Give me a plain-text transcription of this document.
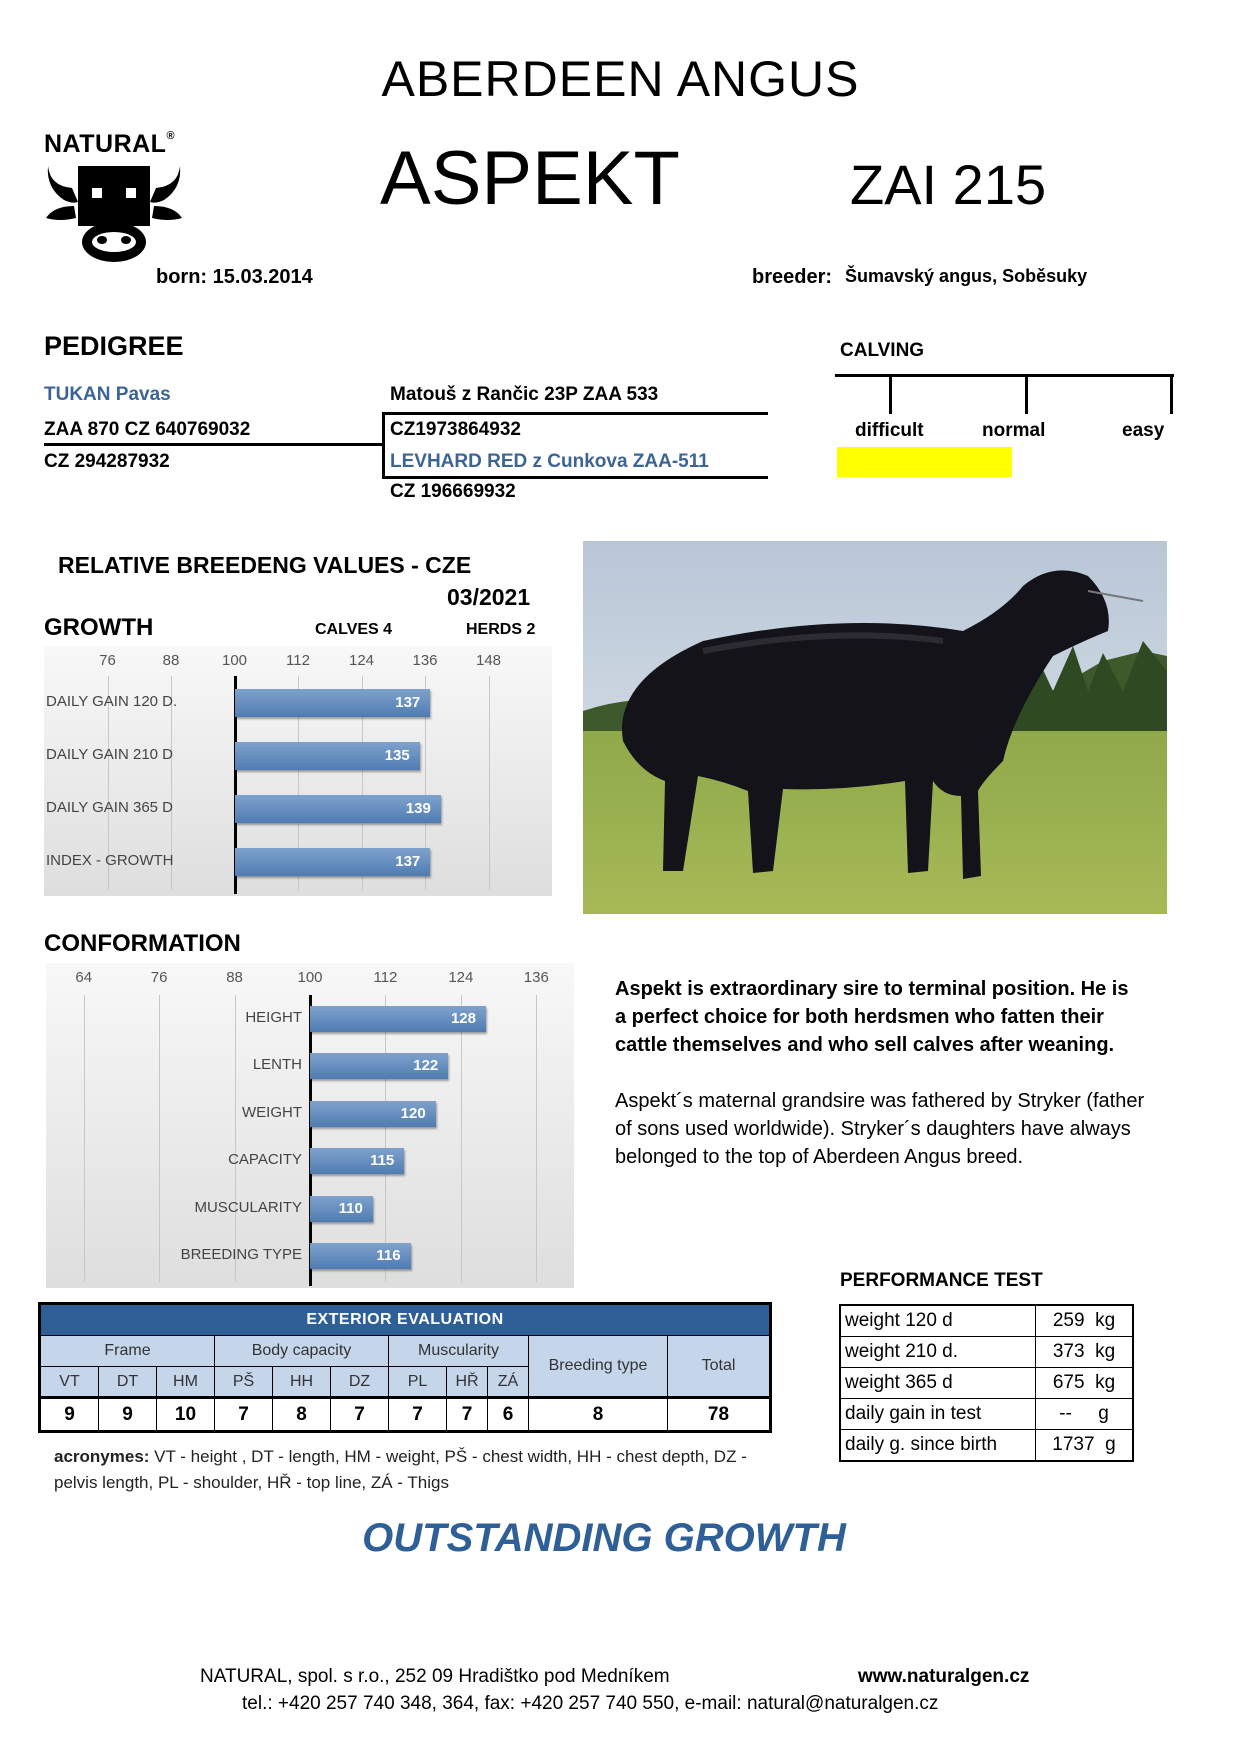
ABERDEEN ANGUS
ASPEKT	ZAI 215
NATURAL®
born: 15.03.2014	breeder: Šumavský angus, Soběsuky
PEDIGREE
TUKAN Pavas
ZAA 870 CZ 640769032
CZ 294287932
Matouš z Rančic 23P ZAA 533
CZ1973864932
LEVHARD RED z Cunkova ZAA-511
CZ 196669932
CALVING
difficult	normal	easy
RELATIVE BREEDENG VALUES - CZE
03/2021
GROWTH	CALVES 4	HERDS 2
76	88	100	112	124	136	148
DAILY GAIN 120 D.	137
DAILY GAIN 210 D	135
DAILY GAIN 365 D	139
INDEX - GROWTH	137
CONFORMATION
64	76	88	100	112	124	136
HEIGHT	128
LENTH	122
WEIGHT	120
CAPACITY	115
MUSCULARITY	110
BREEDING TYPE	116

Aspekt is extraordinary sire to terminal position. He is a perfect choice for both herdsmen who fatten their cattle themselves and who sell calves after weaning.

Aspekt´s maternal grandsire was fathered by Stryker (father of sons used worldwide). Stryker´s daughters have always belonged to the top of Aberdeen Angus breed.

PERFORMANCE TEST
weight 120 d	259  kg
weight 210 d.	373  kg
weight 365 d	675  kg
daily gain in test	--     g
daily g. since birth	1737  g
EXTERIOR EVALUATION										
Frame			Body capacity			Muscularity			Breeding type	Total
VT	DT	HM	PŠ	HH	DZ	PL	HŘ	ZÁ		
9	9	10	7	8	7	7	7	6	8	78
acronymes: VT - height , DT - length, HM - weight, PŠ - chest width, HH - chest depth, DZ - pelvis length, PL - shoulder, HŘ - top line, ZÁ - Thigs
OUTSTANDING GROWTH
NATURAL, spol. s r.o., 252 09 Hradištko pod Medníkem	www.naturalgen.cz
tel.: +420 257 740 348, 364, fax: +420 257 740 550, e-mail: natural@naturalgen.cz
